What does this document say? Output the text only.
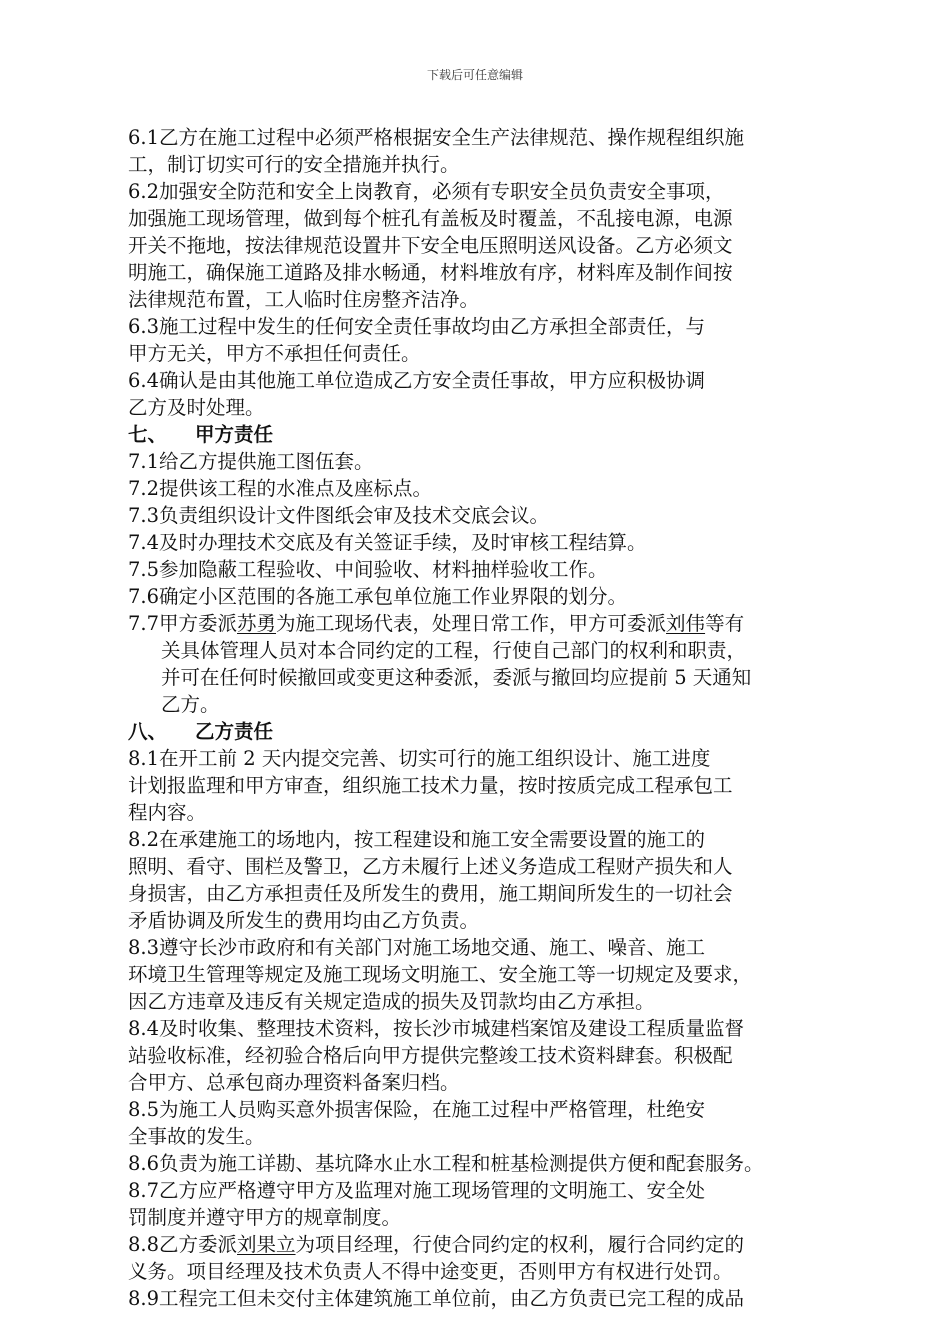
下载后可任意编辑
6.1乙方在施工过程中必须严格根据安全生产法律规范、操作规程组织施
工，制订切实可行的安全措施并执行。
6.2加强安全防范和安全上岗教育，必须有专职安全员负责安全事项，
加强施工现场管理，做到每个桩孔有盖板及时覆盖，不乱接电源，电源
开关不拖地，按法律规范设置井下安全电压照明送风设备。乙方必须文
明施工，确保施工道路及排水畅通，材料堆放有序，材料库及制作间按
法律规范布置，工人临时住房整齐洁净。
6.3施工过程中发生的任何安全责任事故均由乙方承担全部责任，与
甲方无关，甲方不承担任何责任。
6.4确认是由其他施工单位造成乙方安全责任事故，甲方应积极协调
乙方及时处理。
七、 甲方责任
7.1给乙方提供施工图伍套。
7.2提供该工程的水准点及座标点。
7.3负责组织设计文件图纸会审及技术交底会议。
7.4及时办理技术交底及有关签证手续，及时审核工程结算。
7.5参加隐蔽工程验收、中间验收、材料抽样验收工作。
7.6确定小区范围的各施工承包单位施工作业界限的划分。
7.7甲方委派苏勇为施工现场代表，处理日常工作，甲方可委派刘伟等有
关具体管理人员对本合同约定的工程，行使自己部门的权利和职责，
并可在任何时候撤回或变更这种委派，委派与撤回均应提前 5 天通知
乙方。
八、 乙方责任
8.1在开工前 2 天内提交完善、切实可行的施工组织设计、施工进度
计划报监理和甲方审查，组织施工技术力量，按时按质完成工程承包工
程内容。
8.2在承建施工的场地内，按工程建设和施工安全需要设置的施工的
照明、看守、围栏及警卫，乙方未履行上述义务造成工程财产损失和人
身损害，由乙方承担责任及所发生的费用，施工期间所发生的一切社会
矛盾协调及所发生的费用均由乙方负责。
8.3遵守长沙市政府和有关部门对施工场地交通、施工、噪音、施工
环境卫生管理等规定及施工现场文明施工、安全施工等一切规定及要求，
因乙方违章及违反有关规定造成的损失及罚款均由乙方承担。
8.4及时收集、整理技术资料，按长沙市城建档案馆及建设工程质量监督
站验收标准，经初验合格后向甲方提供完整竣工技术资料肆套。积极配
合甲方、总承包商办理资料备案归档。
8.5为施工人员购买意外损害保险，在施工过程中严格管理，杜绝安
全事故的发生。
8.6负责为施工详勘、基坑降水止水工程和桩基检测提供方便和配套服务。
8.7乙方应严格遵守甲方及监理对施工现场管理的文明施工、安全处
罚制度并遵守甲方的规章制度。
8.8乙方委派刘果立为项目经理，行使合同约定的权利，履行合同约定的
义务。项目经理及技术负责人不得中途变更，否则甲方有权进行处罚。
8.9工程完工但未交付主体建筑施工单位前，由乙方负责已完工程的成品
